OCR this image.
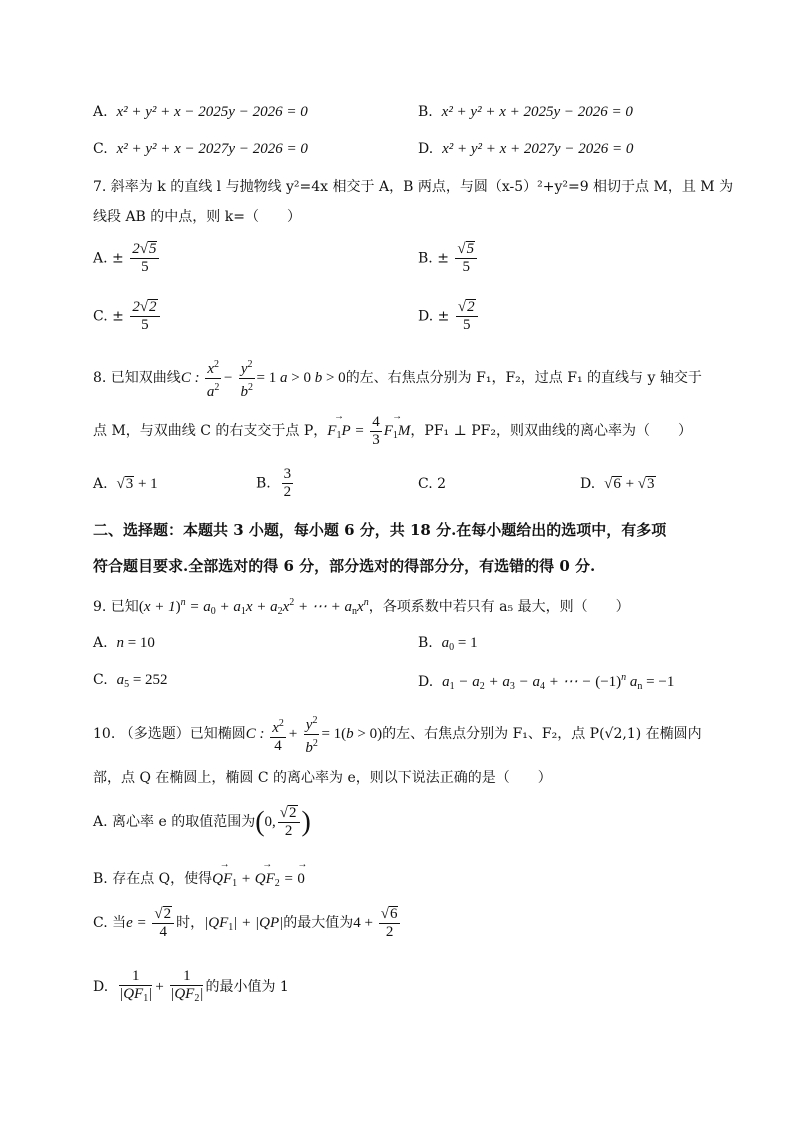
A. x² + y² + x − 2025y − 2026 = 0	B. x² + y² + x + 2025y − 2026 = 0
C. x² + y² + x − 2027y − 2026 = 0	D. x² + y² + x + 2027y − 2026 = 0
7. 斜率为 k 的直线 l 与抛物线 y²=4x 相交于 A，B 两点，与圆（x-5）²+y²=9 相切于点 M，且 M 为
线段 AB 的中点，则 k=（　　）
A. ± $\frac{2√5}{5}$	B. ± $\frac{√5}{5}$
C. ± $\frac{2√2}{5}$	D. ± $\frac{√2}{5}$
8. 已知双曲线C : $\frac{x^2}{a^2} - \frac{y^2}{b^2} = 1$ a > 0 b > 0的左、右焦点分别为 F₁，F₂，过点 F₁ 的直线与 y 轴交于
点 M，与双曲线 C 的右支交于点 P，→ $F_1P = \frac{4}{3}$
→ $F_1M$，PF₁ ⊥ PF₂，则双曲线的离心率为（　　）
A. √3 + 1	B. $\frac{3}{2}$	C. 2	D. √6 + √3
二、选择题：本题共 3 小题，每小题 6 分，共 18 分.在每小题给出的选项中，有多项
符合题目要求.全部选对的得 6 分，部分选对的得部分分，有选错的得 0 分.
9. 已知$(x + 1)^n = a_0 + a_1x + a_2x^2$ + ⋯ + $a_nx^n$，各项系数中若只有 a₅ 最大，则（　　）
A. n = 10	B. $a_0 = 1$
C. $a_5 = 252$	D. $a_1 - a_2 + a_3 - a_4$ + ⋯ − $(-1)^n$ $a_n = -1$
10. （多选题）已知椭圆C : $\frac{x^2}{4} + \frac{y^2}{b^2} = 1(b > 0)$的左、右焦点分别为 F₁、F₂，点 P(√2,1) 在椭圆内
部，点 Q 在椭圆上，椭圆 C 的离心率为 e，则以下说法正确的是（　　）
A. 离心率 e 的取值范围为(0, $\frac{√2}{2}$ )
B. 存在点 Q，使得→ $QF_1$ + → $QF_2$ = → 0
C. 当$e = \frac{√2}{4}$ 时，$|QF_1| + |QP|$的最大值为$4 + \frac{√6}{2}$
D. $\frac{1}{|QF_1|} + \frac{1}{|QF_2|}$ 的最小值为 1
